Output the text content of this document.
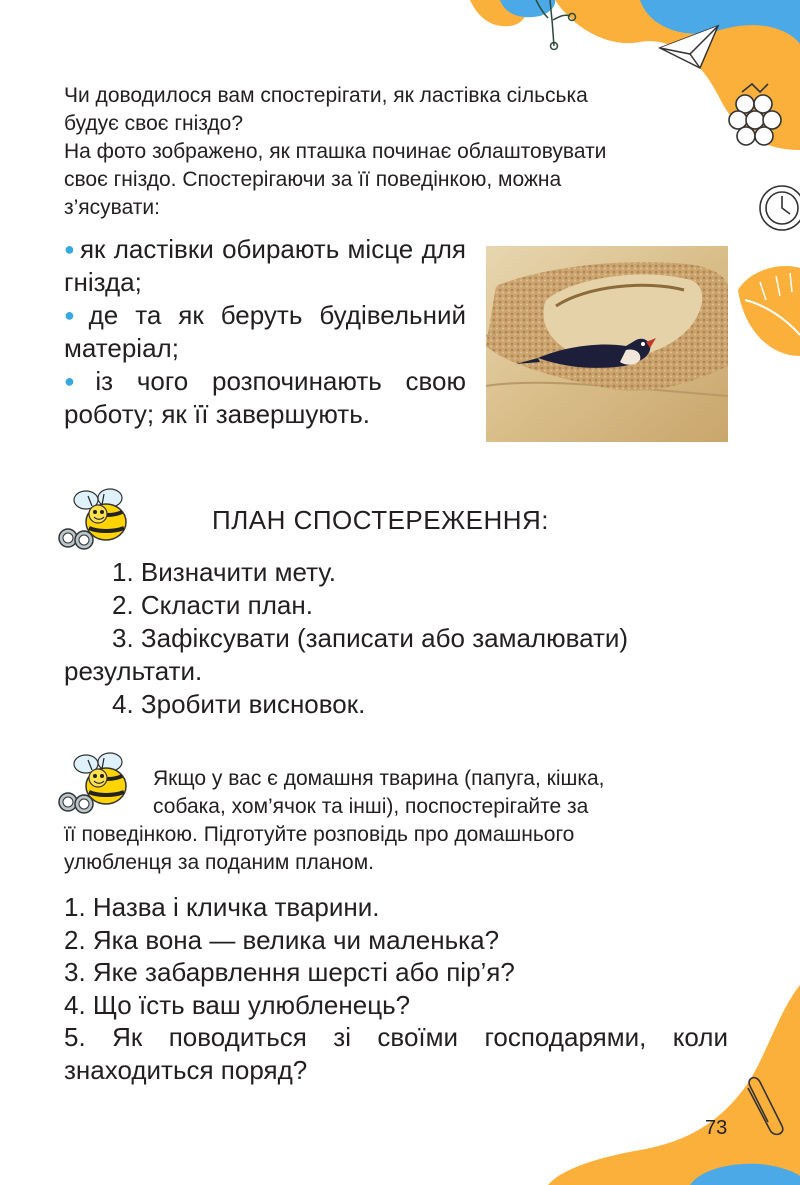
Чи доводилося вам спостерігати, як ластівка сільська

будує своє гніздо?

На фото зображено, як пташка починає облаштовувати

своє гніздо. Спостерігаючи за її поведінкою, можна

з’ясувати:

● як ластівки обирають місце для гнізда;
● де та як беруть будівельний матеріал;
● із чого розпочинають свою роботу; як її завершують.
ПЛАН СПОСТЕРЕЖЕННЯ:
1. Визначити мету.
2. Скласти план.
3. Зафіксувати (записати або замалювати)
результати.
4. Зробити висновок.
Якщо у вас є домашня тварина (папуга, кішка,
собака, хом’ячок та інші), поспостерігайте за
її поведінкою. Підготуйте розповідь про домашнього
улюбленця за поданим планом.
1. Назва і кличка тварини.
2. Яка вона — велика чи маленька?
3. Яке забарвлення шерсті або пір’я?
4. Що їсть ваш улюбленець?
5. Як поводиться зі своїми господарями, коли знаходиться поряд?
73
